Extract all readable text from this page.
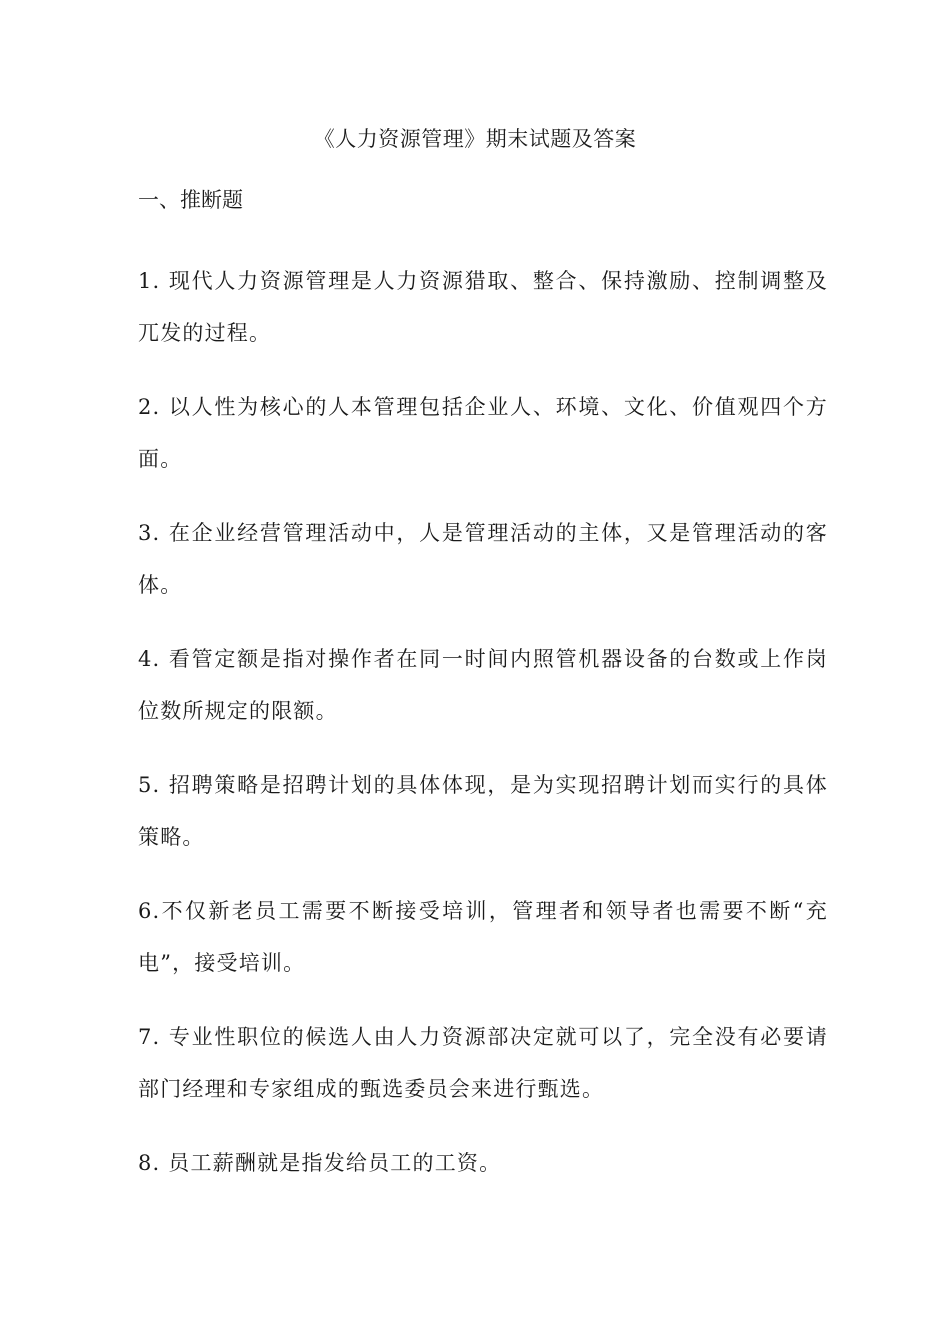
《人力资源管理》期末试题及答案
一、推断题
1. 现代人力资源管理是人力资源猎取、整合、保持激励、控制调整及兀发的过程。
2. 以人性为核心的人本管理包括企业人、环境、文化、价值观四个方面。
3. 在企业经营管理活动中，人是管理活动的主体，又是管理活动的客体。
4. 看管定额是指对操作者在同一时间内照管机器设备的台数或上作岗位数所规定的限额。
5. 招聘策略是招聘计划的具体体现，是为实现招聘计划而实行的具体策略。
6.不仅新老员工需要不断接受培训，管理者和领导者也需要不断“充电”，接受培训。
7. 专业性职位的候选人由人力资源部决定就可以了，完全没有必要请部门经理和专家组成的甄选委员会来进行甄选。
8. 员工薪酬就是指发给员工的工资。
